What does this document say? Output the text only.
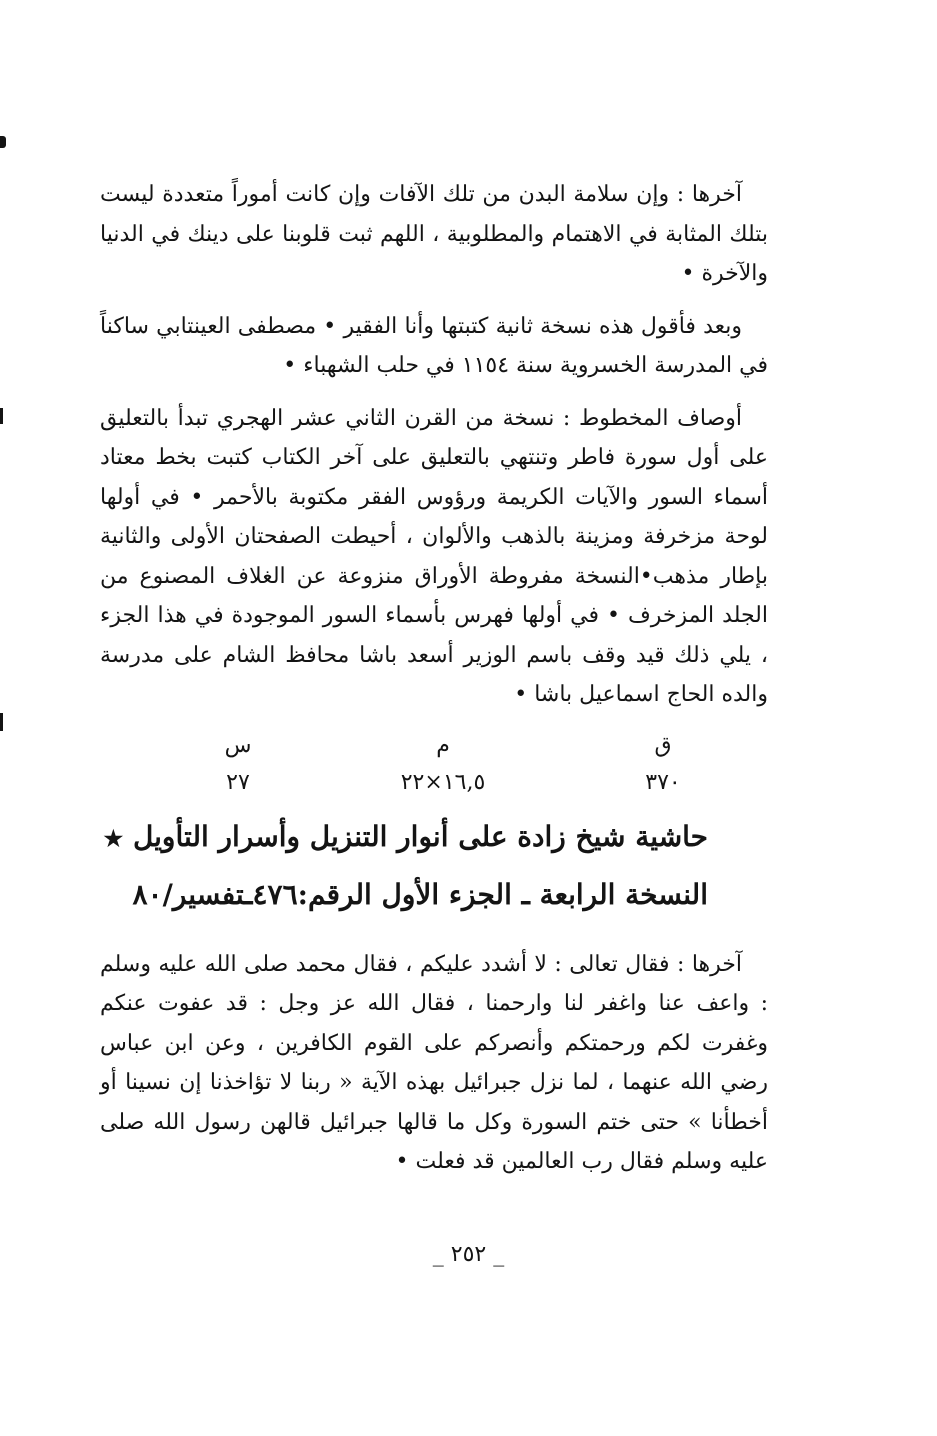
آخرها : وإن سلامة البدن من تلك الآفات وإن كانت أموراً متعددة ليست بتلك المثابة في الاهتمام والمطلوبية ، اللهم ثبت قلوبنا على دينك في الدنيا والآخرة •

وبعد فأقول هذه نسخة ثانية كتبتها وأنا الفقير • مصطفى العينتابي ساكناً في المدرسة الخسروية سنة ١١٥٤ في حلب الشهباء •

أوصاف المخطوط : نسخة من القرن الثاني عشر الهجري تبدأ بالتعليق على أول سورة فاطر وتنتهي بالتعليق على آخر الكتاب كتبت بخط معتاد أسماء السور والآيات الكريمة ورؤوس الفقر مكتوبة بالأحمر • في أولها لوحة مزخرفة ومزينة بالذهب والألوان ، أحيطت الصفحتان الأولى والثانية بإطار مذهب•النسخة مفروطة الأوراق منزوعة عن الغلاف المصنوع من الجلد المزخرف • في أولها فهرس بأسماء السور الموجودة في هذا الجزء ، يلي ذلك قيد وقف باسم الوزير أسعد باشا محافظ الشام على مدرسة والده الحاج اسماعيل باشا •

ق
٣٧٠
م
١٦,٥×٢٢
س
٢٧
حاشية شيخ زادة على أنوار التنزيل وأسرار التأويل ★
النسخة الرابعة ـ الجزء الأول الرقم:٤٧٦ـتفسير/٨٠

آخرها : فقال تعالى : لا أشدد عليكم ، فقال محمد صلى الله عليه وسلم : واعف عنا واغفر لنا وارحمنا ، فقال الله عز وجل : قد عفوت عنكم وغفرت لكم ورحمتكم وأنصركم على القوم الكافرين ، وعن ابن عباس رضي الله عنهما ، لما نزل جبرائيل بهذه الآية « ربنا لا تؤاخذنا إن نسينا أو أخطأنا » حتى ختم السورة وكل ما قالها جبرائيل قالهن رسول الله صلى عليه وسلم فقال رب العالمين قد فعلت •

_ ٢٥٢ _
